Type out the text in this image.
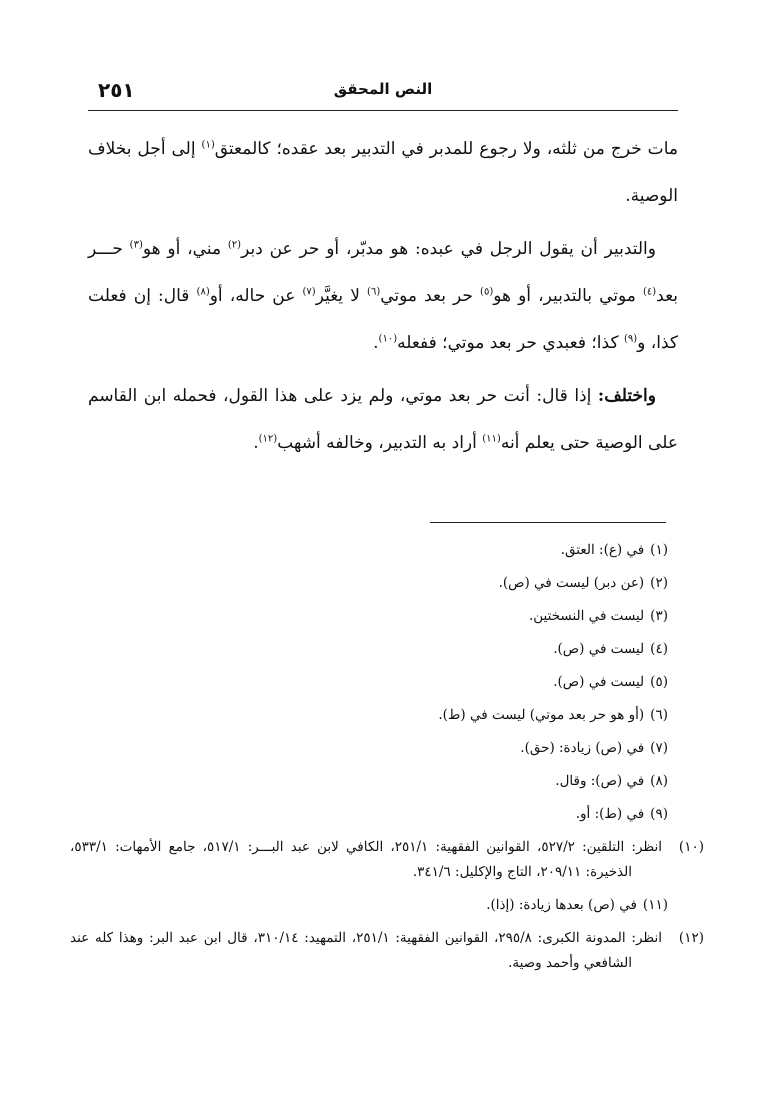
٢٥١	النص المحقق

مات خرج من ثلثه، ولا رجوع للمدبر في التدبير بعد عقده؛ كالمعتق$^{(١)}$ إلى أجل بخلاف الوصية.

والتدبير أن يقول الرجل في عبده: هو مدبّر، أو حر عن دبر$^{(٢)}$ مني، أو هو$^{(٣)}$ حـــر بعد$^{(٤)}$ موتي بالتدبير، أو هو$^{(٥)}$ حر بعد موتي$^{(٦)}$ لا يغيَّر$^{(٧)}$ عن حاله، أو$^{(٨)}$ قال: إن فعلت كذا، و$^{(٩)}$ كذا؛ فعبدي حر بعد موتي؛ ففعله$^{(١٠)}$.

واختلف: إذا قال: أنت حر بعد موتي، ولم يزد على هذا القول، فحمله ابن القاسم على الوصية حتى يعلم أنه$^{(١١)}$ أراد به التدبير، وخالفه أشهب$^{(١٢)}$.

(١)في (ع): العتق.
(٢)(عن دبر) ليست في (ص).
(٣)ليست في النسختين.
(٤)ليست في (ص).
(٥)ليست في (ص).
(٦)(أو هو حر بعد موتي) ليست في (ط).
(٧)في (ص) زيادة: (حق).
(٨)في (ص): وقال.
(٩)في (ط): أو.
(١٠)انظر: التلقين: ٥٢٧/٢، القوانين الفقهية: ٢٥١/١، الكافي لابن عبد البـــر: ٥١٧/١، جامع الأمهات: ٥٣٣/١، الذخيرة: ٢٠٩/١١، التاج والإكليل: ٣٤١/٦.
(١١)في (ص) بعدها زيادة: (إذا).
(١٢)انظر: المدونة الكبرى: ٢٩٥/٨، القوانين الفقهية: ٢٥١/١، التمهيد: ٣١٠/١٤، قال ابن عبد البر: وهذا كله عند الشافعي وأحمد وصية.
